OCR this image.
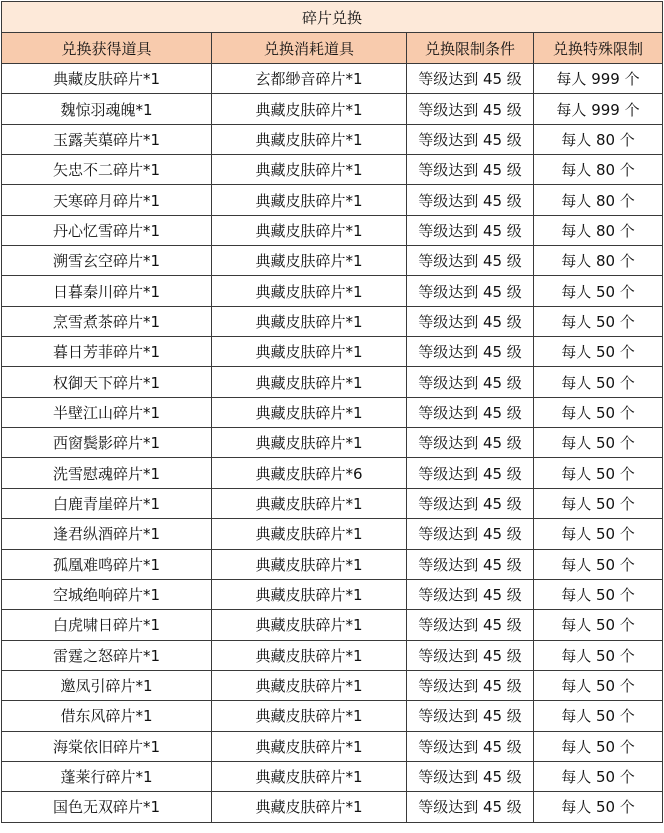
碎片兑换			
兑换获得道具	兑换消耗道具	兑换限制条件	兑换特殊限制
典藏皮肤碎片*1	玄都缈音碎片*1	等级达到 45 级	每人 999 个
魏惊羽魂魄*1	典藏皮肤碎片*1	等级达到 45 级	每人 999 个
玉露芙蕖碎片*1	典藏皮肤碎片*1	等级达到 45 级	每人 80 个
矢忠不二碎片*1	典藏皮肤碎片*1	等级达到 45 级	每人 80 个
天寒碎月碎片*1	典藏皮肤碎片*1	等级达到 45 级	每人 80 个
丹心忆雪碎片*1	典藏皮肤碎片*1	等级达到 45 级	每人 80 个
溯雪玄空碎片*1	典藏皮肤碎片*1	等级达到 45 级	每人 80 个
日暮秦川碎片*1	典藏皮肤碎片*1	等级达到 45 级	每人 50 个
烹雪煮茶碎片*1	典藏皮肤碎片*1	等级达到 45 级	每人 50 个
暮日芳菲碎片*1	典藏皮肤碎片*1	等级达到 45 级	每人 50 个
权御天下碎片*1	典藏皮肤碎片*1	等级达到 45 级	每人 50 个
半壁江山碎片*1	典藏皮肤碎片*1	等级达到 45 级	每人 50 个
西窗鬓影碎片*1	典藏皮肤碎片*1	等级达到 45 级	每人 50 个
洗雪慰魂碎片*1	典藏皮肤碎片*6	等级达到 45 级	每人 50 个
白鹿青崖碎片*1	典藏皮肤碎片*1	等级达到 45 级	每人 50 个
逢君纵酒碎片*1	典藏皮肤碎片*1	等级达到 45 级	每人 50 个
孤凰难鸣碎片*1	典藏皮肤碎片*1	等级达到 45 级	每人 50 个
空城绝响碎片*1	典藏皮肤碎片*1	等级达到 45 级	每人 50 个
白虎啸日碎片*1	典藏皮肤碎片*1	等级达到 45 级	每人 50 个
雷霆之怒碎片*1	典藏皮肤碎片*1	等级达到 45 级	每人 50 个
邀凤引碎片*1	典藏皮肤碎片*1	等级达到 45 级	每人 50 个
借东风碎片*1	典藏皮肤碎片*1	等级达到 45 级	每人 50 个
海棠依旧碎片*1	典藏皮肤碎片*1	等级达到 45 级	每人 50 个
蓬莱行碎片*1	典藏皮肤碎片*1	等级达到 45 级	每人 50 个
国色无双碎片*1	典藏皮肤碎片*1	等级达到 45 级	每人 50 个
